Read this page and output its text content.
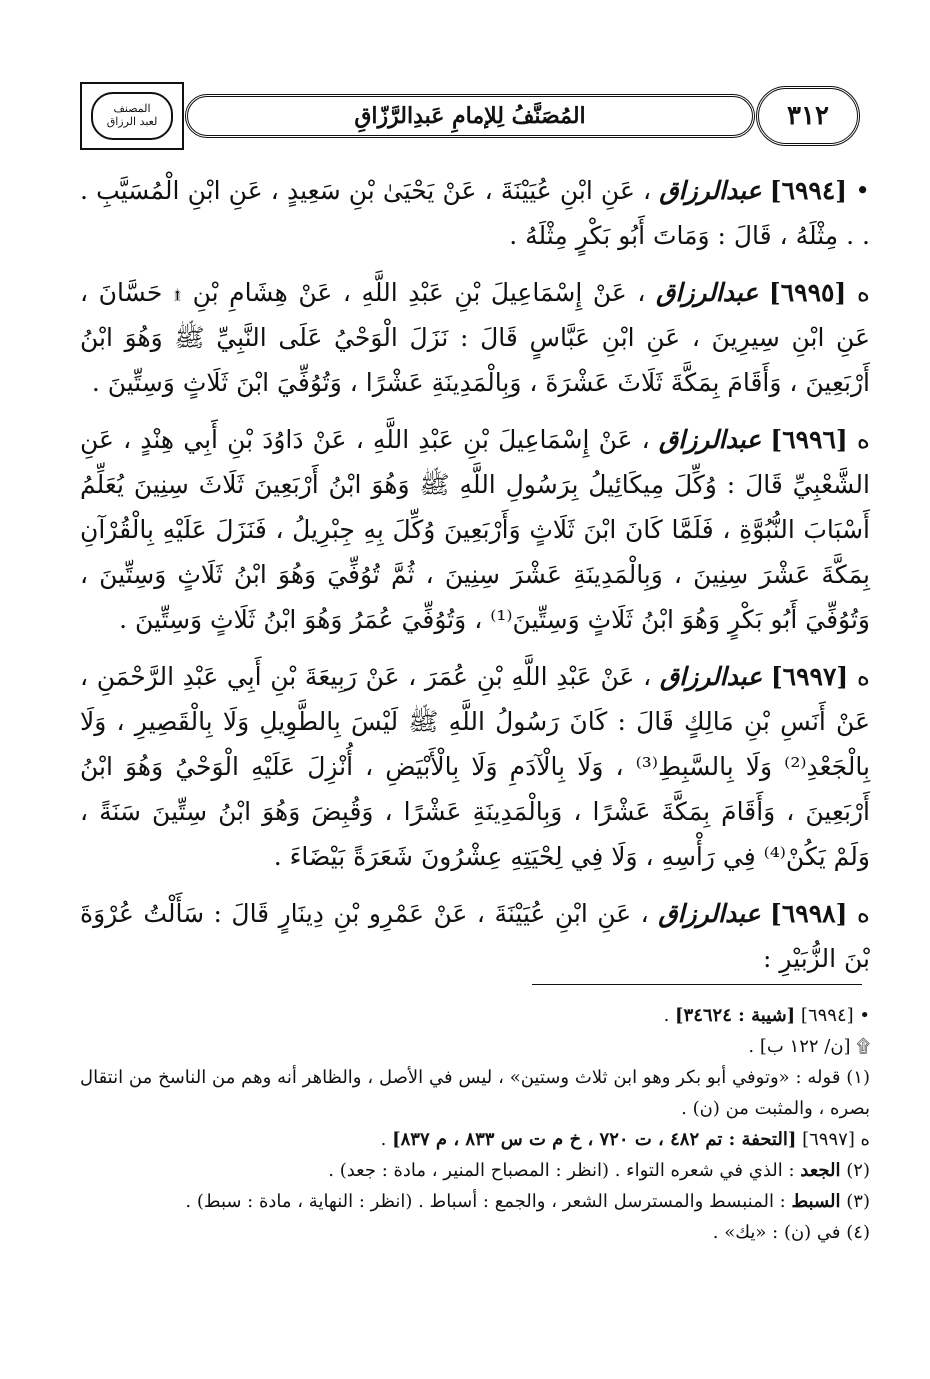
المصنف
لعبد الرزاق	المُصَنَّفُ لِلإمامِ عَبدِالرَّزّاقِ	٣١٢

• [٦٩٩٤] عبدالرزاق ، عَنِ ابْنِ عُيَيْنَةَ ، عَنْ يَحْيَىٰ بْنِ سَعِيدٍ ، عَنِ ابْنِ الْمُسَيَّبِ . . . مِثْلَهُ ، قَالَ : وَمَاتَ أَبُو بَكْرٍ مِثْلَهُ .

ه [٦٩٩٥] عبدالرزاق ، عَنْ إِسْمَاعِيلَ بْنِ عَبْدِ اللَّهِ ، عَنْ هِشَامِ بْنِ ۩ حَسَّانَ ، عَنِ ابْنِ سِيرِينَ ، عَنِ ابْنِ عَبَّاسٍ قَالَ : نَزَلَ الْوَحْيُ عَلَى النَّبِيِّ ﷺ وَهُوَ ابْنُ أَرْبَعِينَ ، وَأَقَامَ بِمَكَّةَ ثَلَاثَ عَشْرَةَ ، وَبِالْمَدِينَةِ عَشْرًا ، وَتُوُفِّيَ ابْنَ ثَلَاثٍ وَسِتِّينَ .

ه [٦٩٩٦] عبدالرزاق ، عَنْ إِسْمَاعِيلَ بْنِ عَبْدِ اللَّهِ ، عَنْ دَاوُدَ بْنِ أَبِي هِنْدٍ ، عَنِ الشَّعْبِيِّ قَالَ : وُكِّلَ مِيكَائِيلُ بِرَسُولِ اللَّهِ ﷺ وَهُوَ ابْنُ أَرْبَعِينَ ثَلَاثَ سِنِينَ يُعَلِّمُ أَسْبَابَ النُّبُوَّةِ ، فَلَمَّا كَانَ ابْنَ ثَلَاثٍ وَأَرْبَعِينَ وُكِّلَ بِهِ جِبْرِيلُ ، فَنَزَلَ عَلَيْهِ بِالْقُرْآنِ بِمَكَّةَ عَشْرَ سِنِينَ ، وَبِالْمَدِينَةِ عَشْرَ سِنِينَ ، ثُمَّ تُوُفِّيَ وَهُوَ ابْنُ ثَلَاثٍ وَسِتِّينَ ، وَتُوُفِّيَ أَبُو بَكْرٍ وَهُوَ ابْنُ ثَلَاثٍ وَسِتِّينَ⁽¹⁾ ، وَتُوُفِّيَ عُمَرُ وَهُوَ ابْنُ ثَلَاثٍ وَسِتِّينَ .

ه [٦٩٩٧] عبدالرزاق ، عَنْ عَبْدِ اللَّهِ بْنِ عُمَرَ ، عَنْ رَبِيعَةَ بْنِ أَبِي عَبْدِ الرَّحْمَنِ ، عَنْ أَنَسِ بْنِ مَالِكٍ قَالَ : كَانَ رَسُولُ اللَّهِ ﷺ لَيْسَ بِالطَّوِيلِ وَلَا بِالْقَصِيرِ ، وَلَا بِالْجَعْدِ⁽²⁾ وَلَا بِالسَّبِطِ⁽³⁾ ، وَلَا بِالْآدَمِ وَلَا بِالْأَبْيَضِ ، أُنْزِلَ عَلَيْهِ الْوَحْيُ وَهُوَ ابْنُ أَرْبَعِينَ ، وَأَقَامَ بِمَكَّةَ عَشْرًا ، وَبِالْمَدِينَةِ عَشْرًا ، وَقُبِضَ وَهُوَ ابْنُ سِتِّينَ سَنَةً ، وَلَمْ يَكُنْ⁽⁴⁾ فِي رَأْسِهِ ، وَلَا فِي لِحْيَتِهِ عِشْرُونَ شَعَرَةً بَيْضَاءَ .

ه [٦٩٩٨] عبدالرزاق ، عَنِ ابْنِ عُيَيْنَةَ ، عَنْ عَمْرِو بْنِ دِينَارٍ قَالَ : سَأَلْتُ عُرْوَةَ بْنَ الزُّبَيْرِ :

• [٦٩٩٤] [شيبة : ٣٤٦٢٤] .

۩ [ن/ ١٢٢ ب] .

(١) قوله : «وتوفي أبو بكر وهو ابن ثلاث وستين» ، ليس في الأصل ، والظاهر أنه وهم من الناسخ من انتقال بصره ، والمثبت من (ن) .

ه [٦٩٩٧] [التحفة : تم ٤٨٢ ، ت ٧٢٠ ، خ م ت س ٨٣٣ ، م ٨٣٧] .

(٢) الجعد : الذي في شعره التواء . (انظر : المصباح المنير ، مادة : جعد) .

(٣) السبط : المنبسط والمسترسل الشعر ، والجمع : أسباط . (انظر : النهاية ، مادة : سبط) .

(٤) في (ن) : «يك» .
